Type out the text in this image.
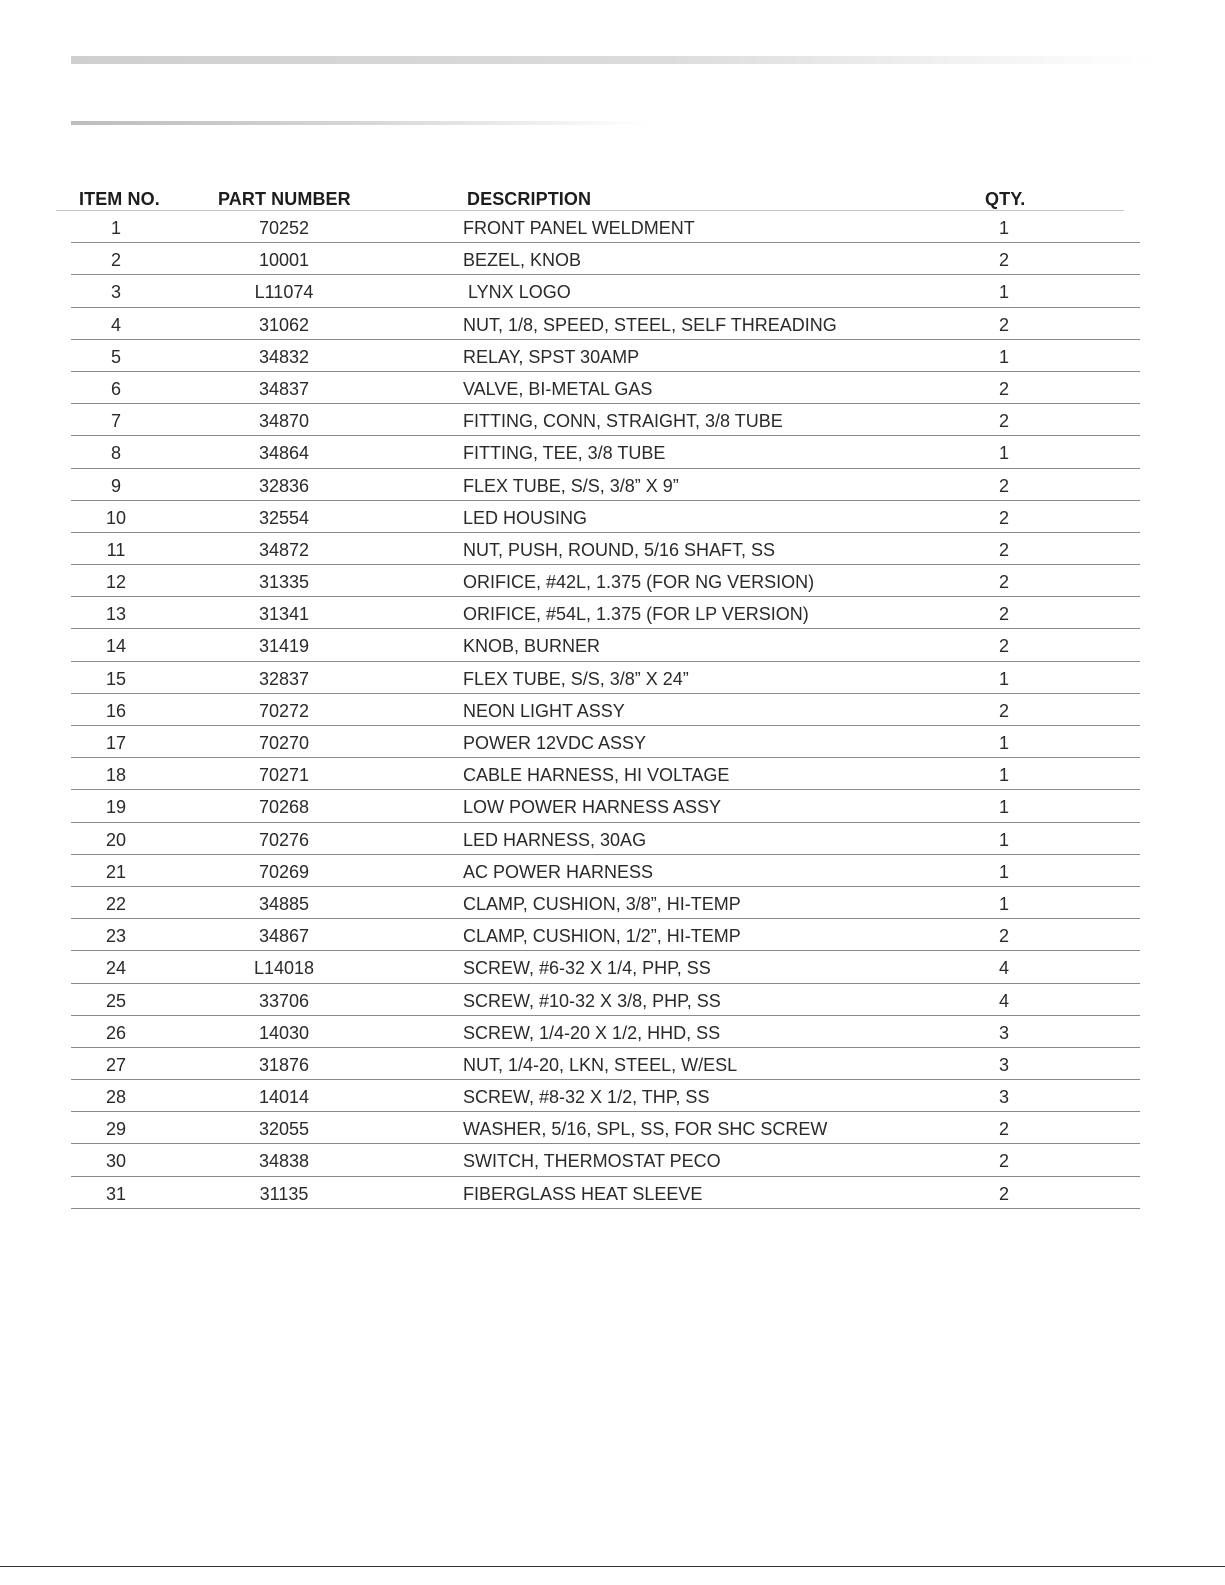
ITEM NO.	PART NUMBER	DESCRIPTION	QTY.
1	70252	FRONT PANEL WELDMENT	1
2	10001	BEZEL, KNOB	2
3	L11074	LYNX LOGO	1
4	31062	NUT, 1/8, SPEED, STEEL, SELF THREADING	2
5	34832	RELAY, SPST 30AMP	1
6	34837	VALVE, BI-METAL GAS	2
7	34870	FITTING, CONN, STRAIGHT, 3/8 TUBE	2
8	34864	FITTING, TEE, 3/8 TUBE	1
9	32836	FLEX TUBE, S/S, 3/8” X 9”	2
10	32554	LED HOUSING	2
11	34872	NUT, PUSH, ROUND, 5/16 SHAFT, SS	2
12	31335	ORIFICE, #42L, 1.375 (FOR NG VERSION)	2
13	31341	ORIFICE, #54L, 1.375 (FOR LP VERSION)	2
14	31419	KNOB, BURNER	2
15	32837	FLEX TUBE, S/S, 3/8” X 24”	1
16	70272	NEON LIGHT ASSY	2
17	70270	POWER 12VDC ASSY	1
18	70271	CABLE HARNESS, HI VOLTAGE	1
19	70268	LOW POWER HARNESS ASSY	1
20	70276	LED HARNESS, 30AG	1
21	70269	AC POWER HARNESS	1
22	34885	CLAMP, CUSHION, 3/8”, HI-TEMP	1
23	34867	CLAMP, CUSHION, 1/2”, HI-TEMP	2
24	L14018	SCREW, #6-32 X 1/4, PHP, SS	4
25	33706	SCREW, #10-32 X 3/8, PHP, SS	4
26	14030	SCREW, 1/4-20 X 1/2, HHD, SS	3
27	31876	NUT, 1/4-20, LKN, STEEL, W/ESL	3
28	14014	SCREW, #8-32 X 1/2, THP, SS	3
29	32055	WASHER, 5/16, SPL, SS, FOR SHC SCREW	2
30	34838	SWITCH, THERMOSTAT PECO	2
31	31135	FIBERGLASS HEAT SLEEVE	2
